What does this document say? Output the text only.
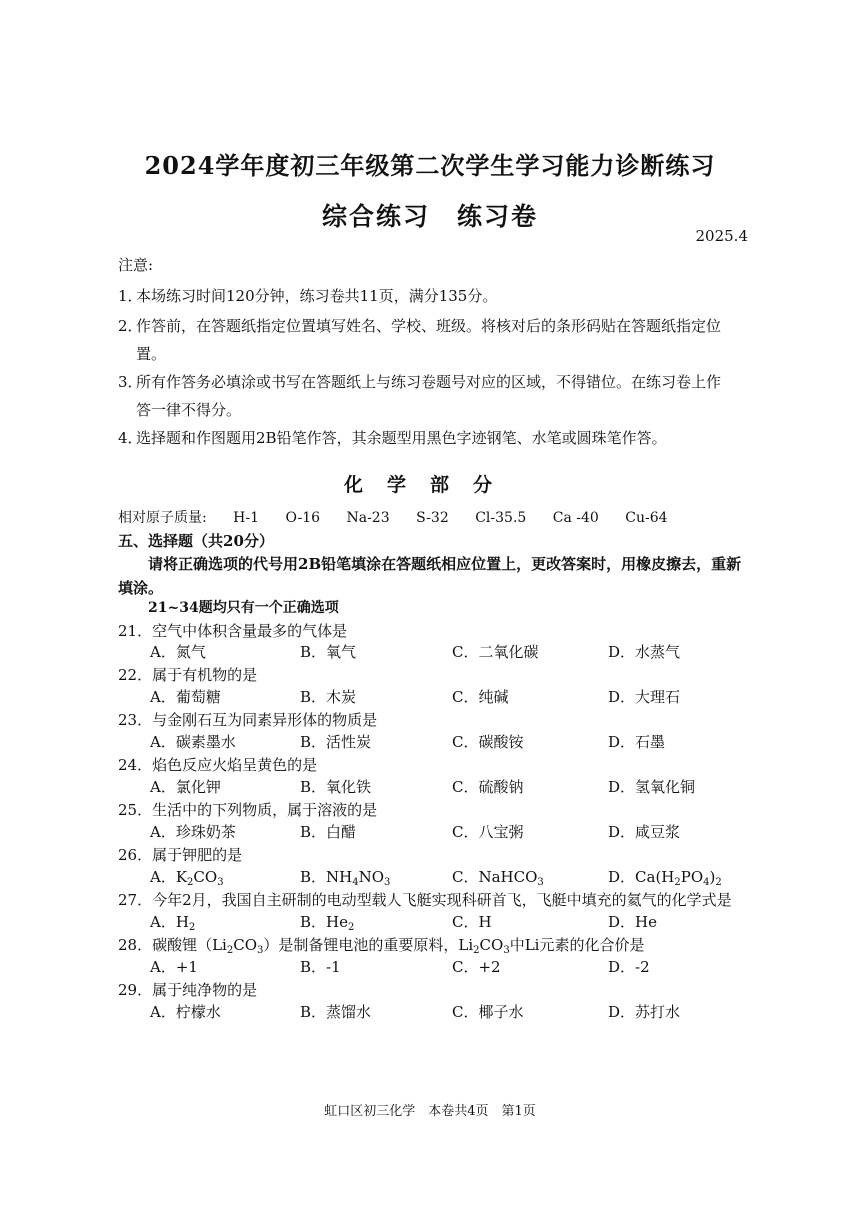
2024学年度初三年级第二次学生学习能力诊断练习
综合练习　练习卷
2025.4
注意:
1．本场练习时间120分钟，练习卷共11页，满分135分。
2．作答前，在答题纸指定位置填写姓名、学校、班级。将核对后的条形码贴在答题纸指定位
置。
3．所有作答务必填涂或书写在答题纸上与练习卷题号对应的区域，不得错位。在练习卷上作
答一律不得分。
4．选择题和作图题用2B铅笔作答，其余题型用黑色字迹钢笔、水笔或圆珠笔作答。
化学部分
相对原子质量: H-1 O-16 Na-23 S-32 Cl-35.5 Ca -40 Cu-64
五、选择题（共20分）
请将正确选项的代号用2B铅笔填涂在答题纸相应位置上，更改答案时，用橡皮擦去，重新填涂。
21~34题均只有一个正确选项
21．空气中体积含量最多的气体是
A．氮气	B．氧气	C．二氧化碳	D．水蒸气
22．属于有机物的是
A．葡萄糖	B．木炭	C．纯碱	D．大理石
23．与金刚石互为同素异形体的物质是
A．碳素墨水	B．活性炭	C．碳酸铵	D．石墨
24．焰色反应火焰呈黄色的是
A．氯化钾	B．氧化铁	C．硫酸钠	D．氢氧化铜
25．生活中的下列物质，属于溶液的是
A．珍珠奶茶	B．白醋	C．八宝粥	D．咸豆浆
26．属于钾肥的是
A．$K_2CO_3$	B．$NH_4NO_3$	C．NaHCO$_3$	D．$Ca(H_2PO_4)_2$
27．今年2月，我国自主研制的电动型载人飞艇实现科研首飞，飞艇中填充的氦气的化学式是
A．$H_2$	B．$He_2$	C．H	D．He
28．碳酸锂$(Li_2CO_3)$是制备锂电池的重要原料，$Li_2CO_3$中Li元素的化合价是
A．+1	B．-1	C．+2	D．-2
29．属于纯净物的是
A．柠檬水	B．蒸馏水	C．椰子水	D．苏打水
虹口区初三化学　本卷共4页　第1页
